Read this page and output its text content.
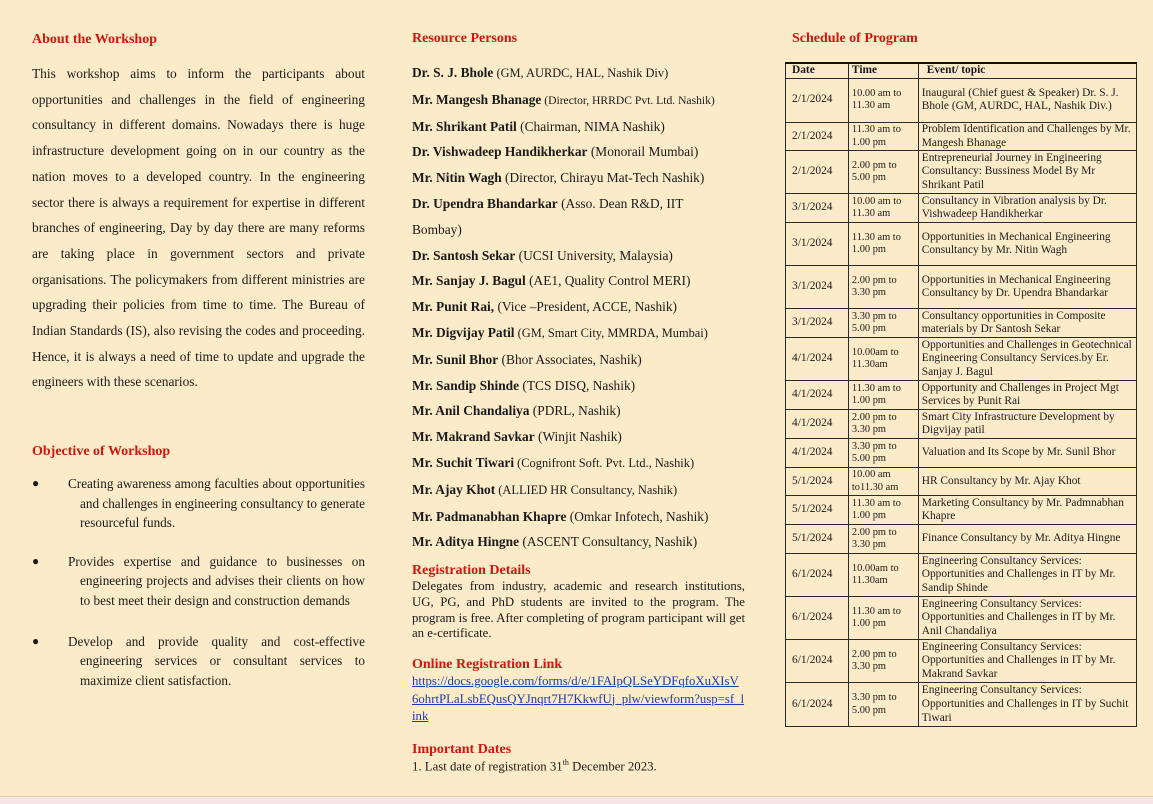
About the Workshop

This workshop aims to inform the participants about opportunities and challenges in the field of engineering consultancy in different domains. Nowadays there is huge infrastructure development going on in our country as the nation moves to a developed country. In the engineering sector there is always a requirement for expertise in different branches of engineering, Day by day there are many reforms are taking place in government sectors and private organisations. The policymakers from different ministries are upgrading their policies from time to time. The Bureau of Indian Standards (IS), also revising the codes and proceeding. Hence, it is always a need of time to update and upgrade the engineers with these scenarios.

Objective of Workshop
● Creating awareness among faculties about opportunities and challenges in engineering consultancy to generate resourceful funds.
● Provides expertise and guidance to businesses on engineering projects and advises their clients on how to best meet their design and construction demands
● Develop and provide quality and cost-effective engineering services or consultant services to maximize client satisfaction.
Resource Persons
Dr. S. J. Bhole (GM, AURDC, HAL, Nashik Div)
Mr. Mangesh Bhanage (Director, HRRDC Pvt. Ltd. Nashik)
Mr. Shrikant Patil (Chairman, NIMA Nashik)
Dr. Vishwadeep Handikherkar (Monorail Mumbai)
Mr. Nitin Wagh (Director, Chirayu Mat-Tech Nashik)
Dr. Upendra Bhandarkar (Asso. Dean R&D, IIT Bombay)
Dr. Santosh Sekar (UCSI University, Malaysia)
Mr. Sanjay J. Bagul (AE1, Quality Control MERI)
Mr. Punit Rai, (Vice –President, ACCE, Nashik)
Mr. Digvijay Patil (GM, Smart City, MMRDA, Mumbai)
Mr. Sunil Bhor (Bhor Associates, Nashik)
Mr. Sandip Shinde (TCS DISQ, Nashik)
Mr. Anil Chandaliya (PDRL, Nashik)
Mr. Makrand Savkar (Winjit Nashik)
Mr. Suchit Tiwari (Cognifront Soft. Pvt. Ltd., Nashik)
Mr. Ajay Khot (ALLIED HR Consultancy, Nashik)
Mr. Padmanabhan Khapre (Omkar Infotech, Nashik)
Mr. Aditya Hingne (ASCENT Consultancy, Nashik)
Registration Details

Delegates from industry, academic and research institutions, UG, PG, and PhD students are invited to the program. The program is free. After completing of program participant will get an e-certificate.

Online Registration Link
https://docs.google.com/forms/d/e/1FAIpQLSeYDFqfoXuXIsV6ohrtPLaLsbEQusQYJnqrt7H7KkwfUj_plw/viewform?usp=sf_link
Important Dates

1. Last date of registration 31th December 2023.

Schedule of Program
Date	Time	Event/ topic
2/1/2024	10.00 am to 11.30 am	Inaugural (Chief guest & Speaker) Dr. S. J. Bhole (GM, AURDC, HAL, Nashik Div.)
2/1/2024	11.30 am to 1.00 pm	Problem Identification and Challenges by Mr. Mangesh Bhanage
2/1/2024	2.00 pm to 5.00 pm	Entrepreneurial Journey in Engineering Consultancy: Bussiness Model By Mr Shrikant Patil
3/1/2024	10.00 am to 11.30 am	Consultancy in Vibration analysis by Dr. Vishwadeep Handikherkar
3/1/2024	11.30 am to 1.00 pm	Opportunities in Mechanical Engineering Consultancy by Mr. Nitin Wagh
3/1/2024	2.00 pm to 3.30 pm	Opportunities in Mechanical Engineering Consultancy by Dr. Upendra Bhandarkar
3/1/2024	3.30 pm to 5.00 pm	Consultancy opportunities in Composite materials by Dr Santosh Sekar
4/1/2024	10.00am to 11.30am	Opportunities and Challenges in Geotechnical Engineering Consultancy Services.by Er. Sanjay J. Bagul
4/1/2024	11.30 am to 1.00 pm	Opportunity and Challenges in Project Mgt Services by Punit Rai
4/1/2024	2.00 pm to 3.30 pm	Smart City Infrastructure Development by Digvijay patil
4/1/2024	3.30 pm to 5.00 pm	Valuation and Its Scope by Mr. Sunil Bhor
5/1/2024	10.00 am to11.30 am	HR Consultancy by Mr. Ajay Khot
5/1/2024	11.30 am to 1.00 pm	Marketing Consultancy by Mr. Padmnabhan Khapre
5/1/2024	2.00 pm to 3.30 pm	Finance Consultancy by Mr. Aditya Hingne
6/1/2024	10.00am to 11.30am	Engineering Consultancy Services: Opportunities and Challenges in IT by Mr. Sandip Shinde
6/1/2024	11.30 am to 1.00 pm	Engineering Consultancy Services: Opportunities and Challenges in IT by Mr. Anil Chandaliya
6/1/2024	2.00 pm to 3.30 pm	Engineering Consultancy Services: Opportunities and Challenges in IT by Mr. Makrand Savkar
6/1/2024	3.30 pm to 5.00 pm	Engineering Consultancy Services: Opportunities and Challenges in IT by Suchit Tiwari
